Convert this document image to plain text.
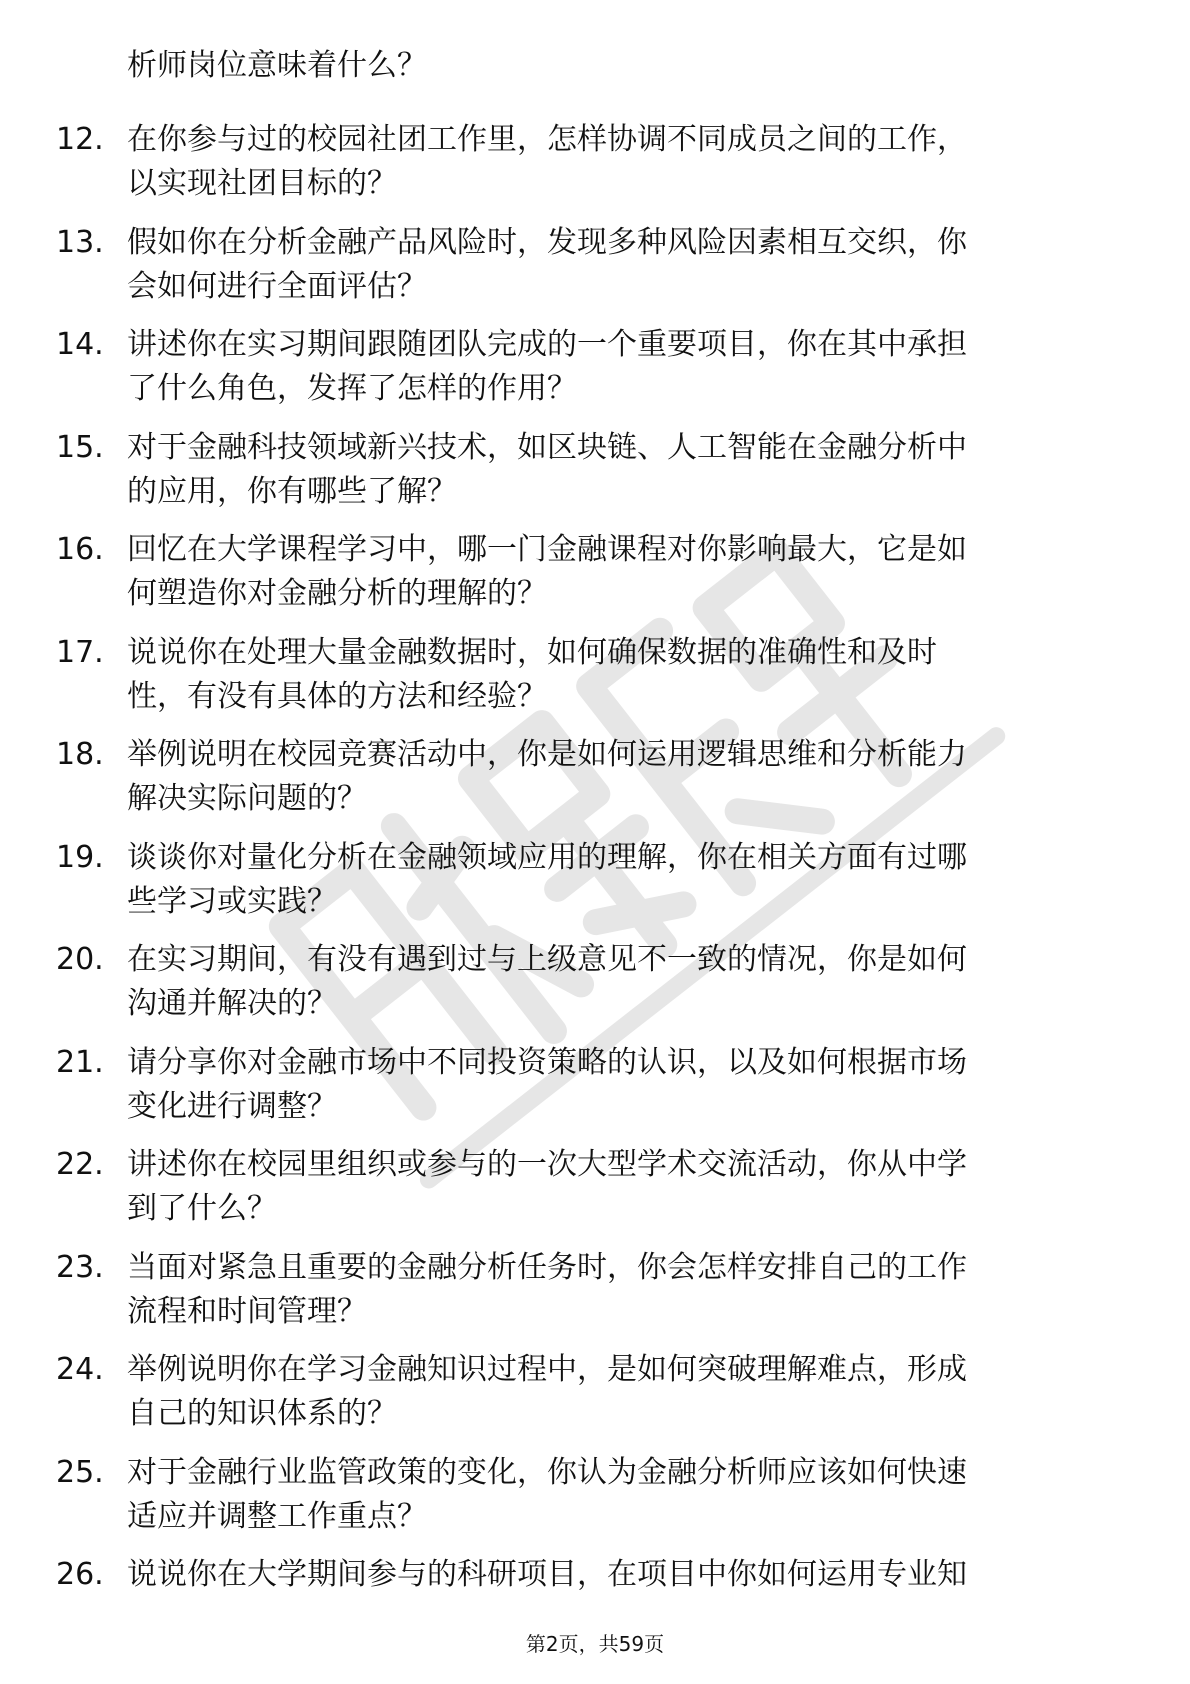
析师岗位意味着什么？
12. 在你参与过的校园社团工作里，怎样协调不同成员之间的工作，
以实现社团目标的？
13. 假如你在分析金融产品风险时，发现多种风险因素相互交织，你
会如何进行全面评估？
14. 讲述你在实习期间跟随团队完成的一个重要项目，你在其中承担
了什么角色，发挥了怎样的作用？
15. 对于金融科技领域新兴技术，如区块链、人工智能在金融分析中
的应用，你有哪些了解？
16. 回忆在大学课程学习中，哪一门金融课程对你影响最大，它是如
何塑造你对金融分析的理解的？
17. 说说你在处理大量金融数据时，如何确保数据的准确性和及时
性，有没有具体的方法和经验？
18. 举例说明在校园竞赛活动中，你是如何运用逻辑思维和分析能力
解决实际问题的？
19. 谈谈你对量化分析在金融领域应用的理解，你在相关方面有过哪
些学习或实践？
20. 在实习期间，有没有遇到过与上级意见不一致的情况，你是如何
沟通并解决的？
21. 请分享你对金融市场中不同投资策略的认识，以及如何根据市场
变化进行调整？
22. 讲述你在校园里组织或参与的一次大型学术交流活动，你从中学
到了什么？
23. 当面对紧急且重要的金融分析任务时，你会怎样安排自己的工作
流程和时间管理？
24. 举例说明你在学习金融知识过程中，是如何突破理解难点，形成
自己的知识体系的？
25. 对于金融行业监管政策的变化，你认为金融分析师应该如何快速
适应并调整工作重点？
26. 说说你在大学期间参与的科研项目，在项目中你如何运用专业知
第2页，共59页
